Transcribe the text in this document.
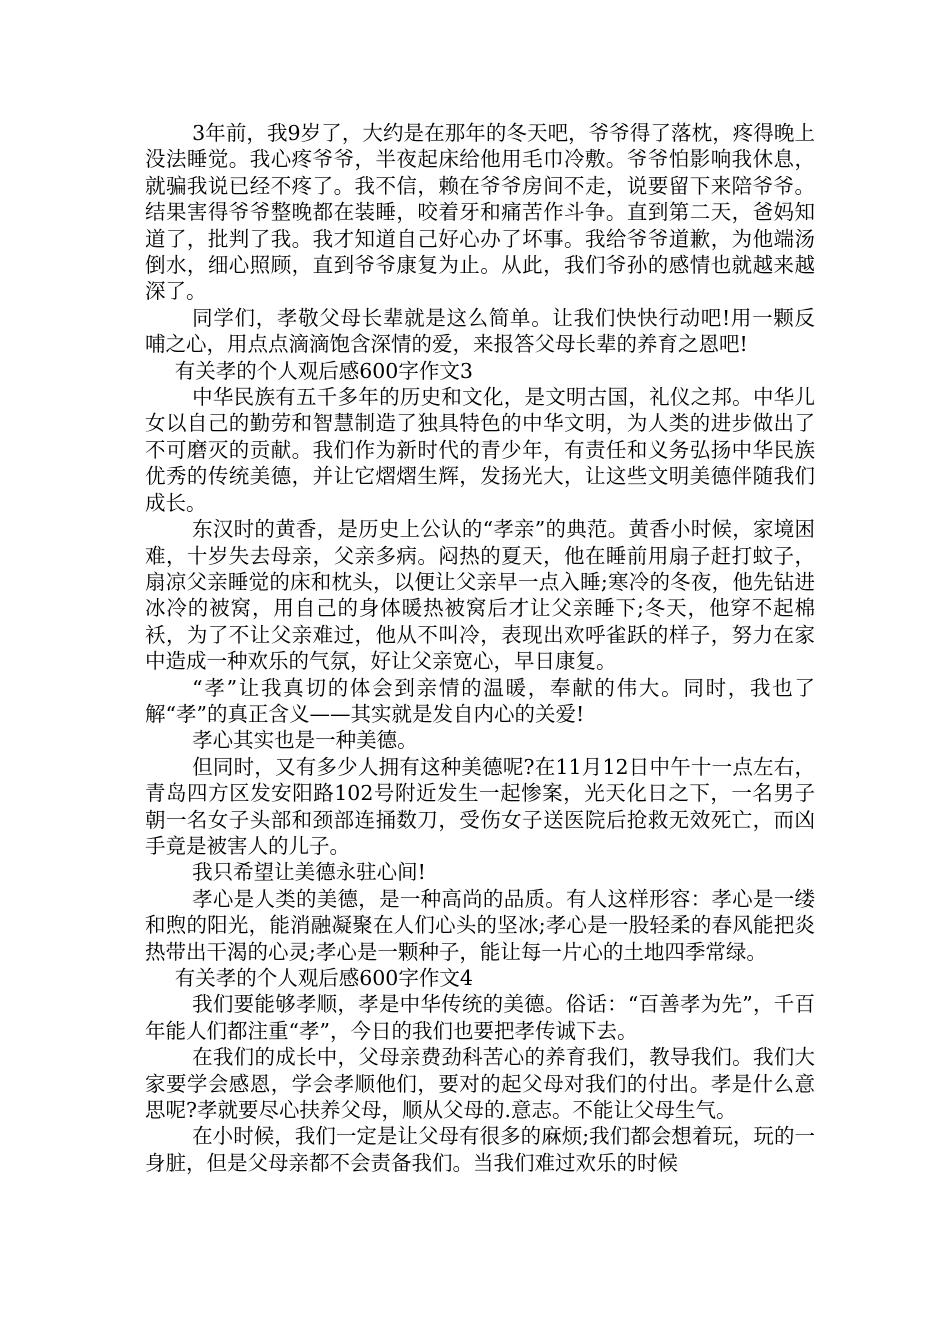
3年前，我9岁了，大约是在那年的冬天吧，爷爷得了落枕，疼得晚上没法睡觉。我心疼爷爷，半夜起床给他用毛巾冷敷。爷爷怕影响我休息，就骗我说已经不疼了。我不信，赖在爷爷房间不走，说要留下来陪爷爷。结果害得爷爷整晚都在装睡，咬着牙和痛苦作斗争。直到第二天，爸妈知道了，批判了我。我才知道自己好心办了坏事。我给爷爷道歉，为他端汤倒水，细心照顾，直到爷爷康复为止。从此，我们爷孙的感情也就越来越深了。

同学们，孝敬父母长辈就是这么简单。让我们快快行动吧!用一颗反哺之心，用点点滴滴饱含深情的爱，来报答父母长辈的养育之恩吧!

有关孝的个人观后感600字作文3

中华民族有五千多年的历史和文化，是文明古国，礼仪之邦。中华儿女以自己的勤劳和智慧制造了独具特色的中华文明，为人类的进步做出了不可磨灭的贡献。我们作为新时代的青少年，有责任和义务弘扬中华民族优秀的传统美德，并让它熠熠生辉，发扬光大，让这些文明美德伴随我们成长。

东汉时的黄香，是历史上公认的“孝亲”的典范。黄香小时候，家境困难，十岁失去母亲，父亲多病。闷热的夏天，他在睡前用扇子赶打蚊子，扇凉父亲睡觉的床和枕头，以便让父亲早一点入睡;寒冷的冬夜，他先钻进冰冷的被窝，用自己的身体暖热被窝后才让父亲睡下;冬天，他穿不起棉袄，为了不让父亲难过，他从不叫冷，表现出欢呼雀跃的样子，努力在家中造成一种欢乐的气氛，好让父亲宽心，早日康复。

“孝”让我真切的体会到亲情的温暖，奉献的伟大。同时，我也了解“孝”的真正含义——其实就是发自内心的关爱!

孝心其实也是一种美德。

但同时，又有多少人拥有这种美德呢?在11月12日中午十一点左右，青岛四方区发安阳路102号附近发生一起惨案，光天化日之下，一名男子朝一名女子头部和颈部连捅数刀，受伤女子送医院后抢救无效死亡，而凶手竟是被害人的儿子。

我只希望让美德永驻心间!

孝心是人类的美德，是一种高尚的品质。有人这样形容：孝心是一缕和煦的阳光，能消融凝聚在人们心头的坚冰;孝心是一股轻柔的春风能把炎热带出干渴的心灵;孝心是一颗种子，能让每一片心的土地四季常绿。

有关孝的个人观后感600字作文4

我们要能够孝顺，孝是中华传统的美德。俗话：“百善孝为先”，千百年能人们都注重“孝”，今日的我们也要把孝传诚下去。

在我们的成长中，父母亲费劲科苦心的养育我们，教导我们。我们大家要学会感恩，学会孝顺他们，要对的起父母对我们的付出。孝是什么意思呢?孝就要尽心扶养父母，顺从父母的.意志。不能让父母生气。

在小时候，我们一定是让父母有很多的麻烦;我们都会想着玩，玩的一身脏，但是父母亲都不会责备我们。当我们难过欢乐的时候
